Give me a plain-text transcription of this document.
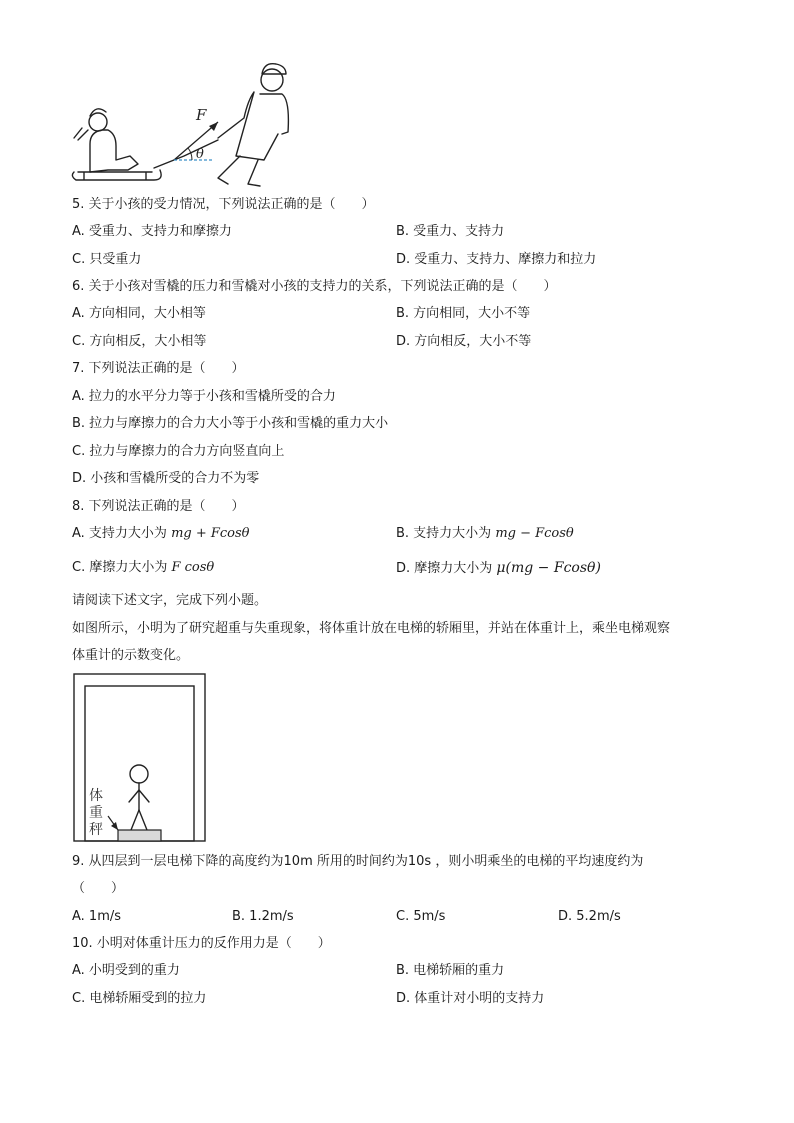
F
θ
5. 关于小孩的受力情况，下列说法正确的是（　　）
A. 受重力、支持力和摩擦力	B. 受重力、支持力
C. 只受重力	D. 受重力、支持力、摩擦力和拉力
6. 关于小孩对雪橇的压力和雪橇对小孩的支持力的关系，下列说法正确的是（　　）
A. 方向相同，大小相等	B. 方向相同，大小不等
C. 方向相反，大小相等	D. 方向相反，大小不等
7. 下列说法正确的是（　　）
A. 拉力的水平分力等于小孩和雪橇所受的合力
B. 拉力与摩擦力的合力大小等于小孩和雪橇的重力大小
C. 拉力与摩擦力的合力方向竖直向上
D. 小孩和雪橇所受的合力不为零
8. 下列说法正确的是（　　）
A. 支持力大小为 mg + Fcosθ	B. 支持力大小为 mg − Fcosθ
C. 摩擦力大小为 F cosθ	D. 摩擦力大小为 μ(mg − Fcosθ)
请阅读下述文字，完成下列小题。
如图所示，小明为了研究超重与失重现象，将体重计放在电梯的轿厢里，并站在体重计上，乘坐电梯观察
体重计的示数变化。
体
重
秤
9. 从四层到一层电梯下降的高度约为10m 所用的时间约为10s ，则小明乘坐的电梯的平均速度约为
（　　）
A. 1m/s	B. 1.2m/s	C. 5m/s	D. 5.2m/s
10. 小明对体重计压力的反作用力是（　　）
A. 小明受到的重力	B. 电梯轿厢的重力
C. 电梯轿厢受到的拉力	D. 体重计对小明的支持力
